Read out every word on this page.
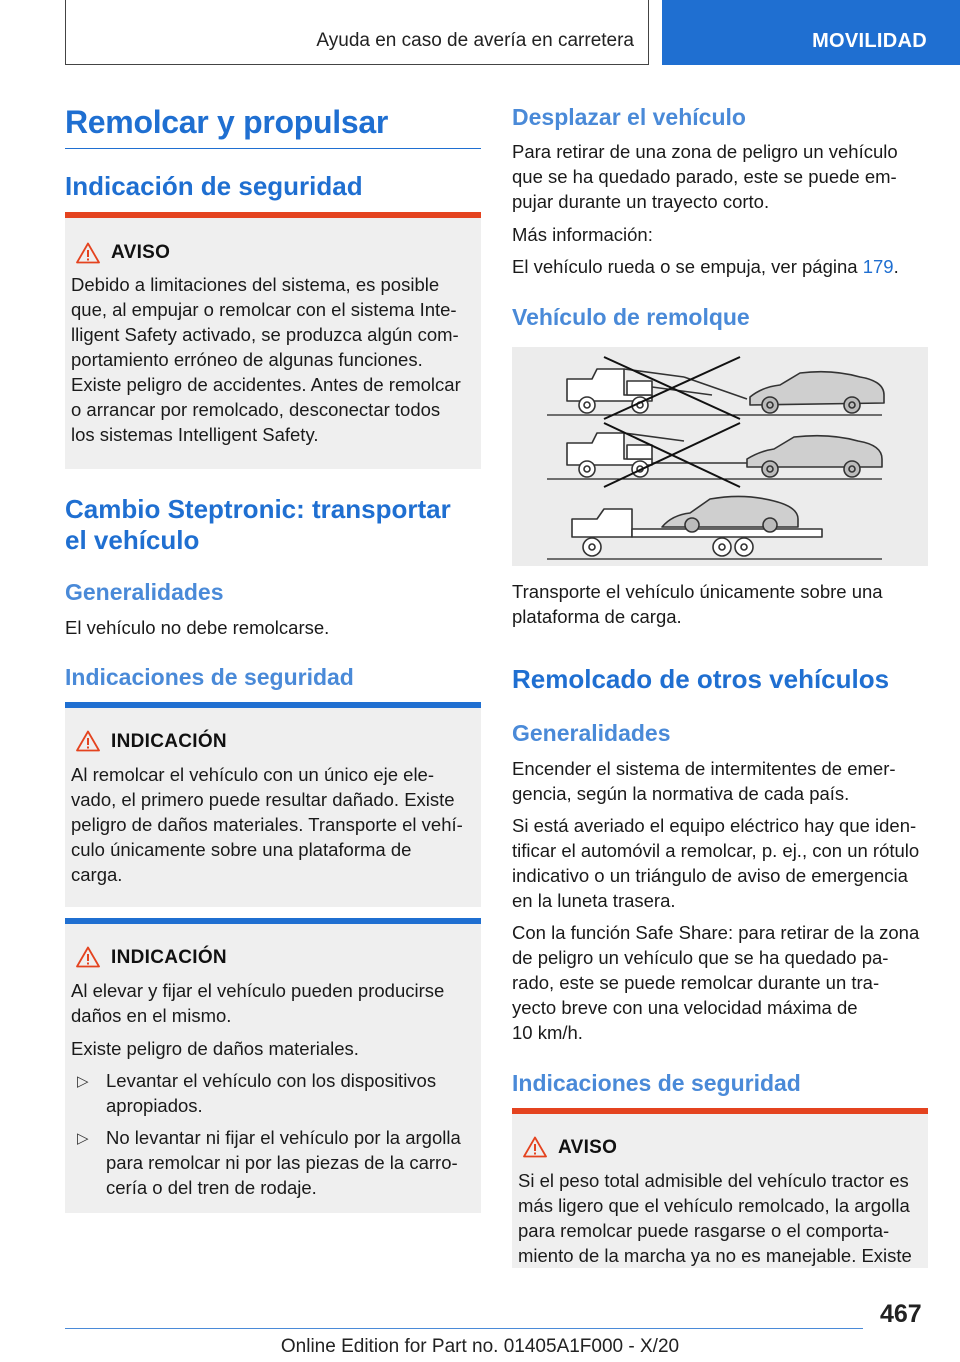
Ayuda en caso de avería en carretera	MOVILIDAD
Remolcar y propulsar
Indicación de seguridad
AVISO
Debido a limitaciones del sistema, es posible
que, al empujar o remolcar con el sistema Inte‐
lligent Safety activado, se produzca algún com‐
portamiento erróneo de algunas funciones.
Existe peligro de accidentes. Antes de remolcar
o arrancar por remolcado, desconectar todos
los sistemas Intelligent Safety.
Cambio Steptronic: transportar
el vehículo
Generalidades
El vehículo no debe remolcarse.
Indicaciones de seguridad
INDICACIÓN
Al remolcar el vehículo con un único eje ele‐
vado, el primero puede resultar dañado. Existe
peligro de daños materiales. Transporte el vehí‐
culo únicamente sobre una plataforma de
carga.
INDICACIÓN
Al elevar y fijar el vehículo pueden producirse
daños en el mismo.
Existe peligro de daños materiales.
▷ Levantar el vehículo con los dispositivos
apropiados.
▷ No levantar ni fijar el vehículo por la argolla
para remolcar ni por las piezas de la carro‐
cería o del tren de rodaje.
Desplazar el vehículo
Para retirar de una zona de peligro un vehículo
que se ha quedado parado, este se puede em‐
pujar durante un trayecto corto.
Más información:
El vehículo rueda o se empuja, ver página 179.
Vehículo de remolque
Transporte el vehículo únicamente sobre una
plataforma de carga.
Remolcado de otros vehículos
Generalidades
Encender el sistema de intermitentes de emer‐
gencia, según la normativa de cada país.
Si está averiado el equipo eléctrico hay que iden‐
tificar el automóvil a remolcar, p. ej., con un rótulo
indicativo o un triángulo de aviso de emergencia
en la luneta trasera.
Con la función Safe Share: para retirar de la zona
de peligro un vehículo que se ha quedado pa‐
rado, este se puede remolcar durante un tra‐
yecto breve con una velocidad máxima de
10 km/h.
Indicaciones de seguridad
AVISO
Si el peso total admisible del vehículo tractor es
más ligero que el vehículo remolcado, la argolla
para remolcar puede rasgarse o el comporta‐
miento de la marcha ya no es manejable. Existe
467
Online Edition for Part no. 01405A1F000 - X/20
